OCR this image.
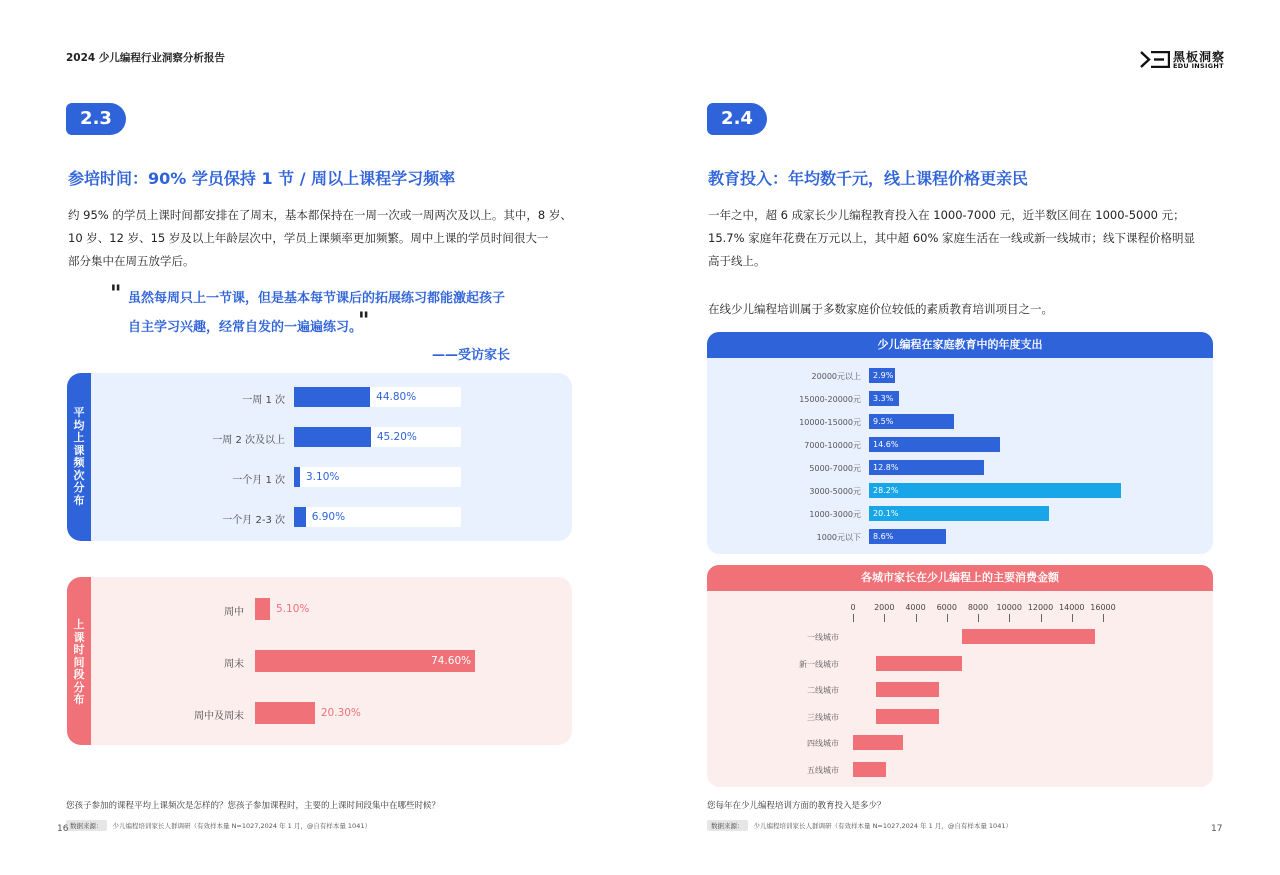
2024 少儿编程行业洞察分析报告	黑板洞察
EDU INSIGHT
2.3
参培时间：90% 学员保持 1 节 / 周以上课程学习频率
约 95% 的学员上课时间都安排在了周末，基本都保持在一周一次或一周两次及以上。其中，8 岁、
10 岁、12 岁、15 岁及以上年龄层次中，学员上课频率更加频繁。周中上课的学员时间很大一
部分集中在周五放学后。
" 虽然每周只上一节课，但是基本每节课后的拓展练习都能激起孩子
自主学习兴趣，经常自发的一遍遍练习。
"
——受访家长
平
均
上
课
频
次
分
布
一周 1 次	44.80%
一周 2 次及以上	45.20%
一个月 1 次 3.10%
一个月 2-3 次	6.90%
上
课
时
间
段
分
布
周中	5.10%
周末	74.60%
周中及周末	20.30%
您孩子参加的课程平均上课频次是怎样的？您孩子参加课程时，主要的上课时间段集中在哪些时候？
数据来源： 少儿编程培训家长人群调研（有效样本量 N=1027,2024 年 1 月，@自有样本量 1041）
16
2.4
教育投入：年均数千元，线上课程价格更亲民
一年之中，超 6 成家长少儿编程教育投入在 1000-7000 元，近半数区间在 1000-5000 元；
15.7% 家庭年花费在万元以上，其中超 60% 家庭生活在一线或新一线城市；线下课程价格明显
高于线上。
在线少儿编程培训属于多数家庭价位较低的素质教育培训项目之一。
少儿编程在家庭教育中的年度支出
20000元以上 2.9%
15000-20000元 3.3%
10000-15000元 9.5%
7000-10000元 14.6%
5000-7000元 12.8%
3000-5000元 28.2%
1000-3000元 20.1%
1000元以下 8.6%
各城市家长在少儿编程上的主要消费金额
0	2000	4000	6000	8000	10000 12000 14000 16000
一线城市
新一线城市
二线城市
三线城市
四线城市
五线城市
您每年在少儿编程培训方面的教育投入是多少？
数据来源： 少儿编程培训家长人群调研（有效样本量 N=1027,2024 年 1 月，@自有样本量 1041）	17
